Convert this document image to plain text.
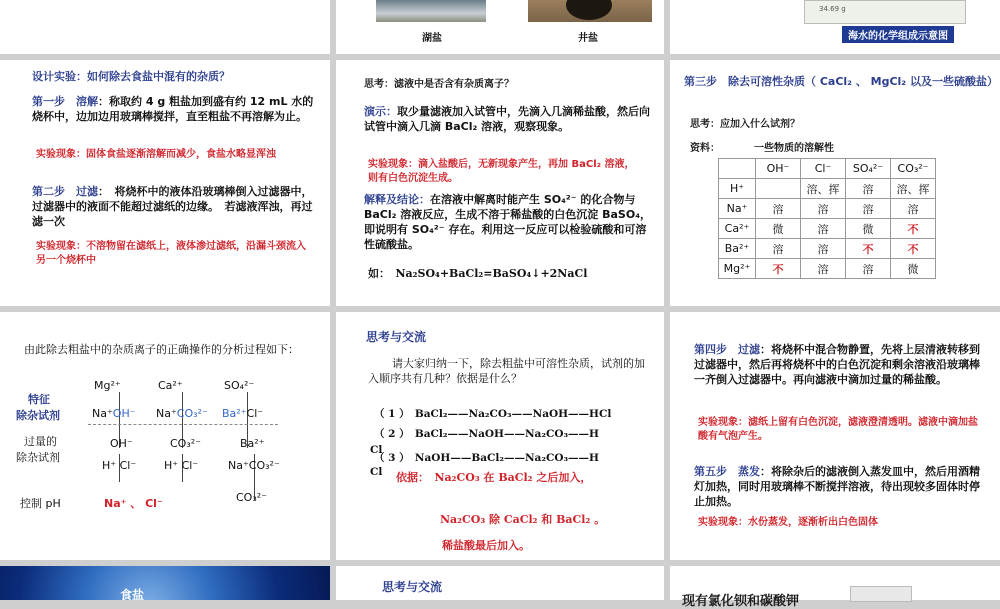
湖盐	井盐
34.69 g
海水的化学组成示意图
设计实验：如何除去食盐中混有的杂质？
第一步　溶解：称取约 4 g 粗盐加到盛有约 12 mL 水的烧杯中，边加边用玻璃棒搅拌，直至粗盐不再溶解为止。
实验现象：固体食盐逐渐溶解而减少，食盐水略显浑浊
第二步　过滤：　将烧杯中的液体沿玻璃棒倒入过滤器中，　过滤器中的液面不能超过滤纸的边缘。　若滤液浑浊，再过滤一次
实验现象：不溶物留在滤纸上，液体渗过滤纸，沿漏斗颈流入另一个烧杯中
思考：滤液中是否含有杂质离子？
演示：取少量滤液加入试管中，先滴入几滴稀盐酸，然后向试管中滴入几滴 BaCl₂ 溶液，观察现象。
实验现象：滴入盐酸后，无新现象产生，再加 BaCl₂ 溶液，则有白色沉淀生成。
解释及结论：在溶液中解离时能产生 SO₄²⁻ 的化合物与 BaCl₂ 溶液反应，生成不溶于稀盐酸的白色沉淀 BaSO₄，即说明有 SO₄²⁻ 存在。利用这一反应可以检验硫酸和可溶性硫酸盐。
如：　Na₂SO₄+BaCl₂=BaSO₄↓+2NaCl
第三步　除去可溶性杂质（ CaCl₂ 、 MgCl₂ 以及一些硫酸盐）
思考：应加入什么试剂？
资料：	一些物质的溶解性
	OH⁻	Cl⁻	SO₄²⁻	CO₃²⁻
H⁺		溶、挥	溶	溶、挥
Na⁺	溶	溶	溶	溶
Ca²⁺	微	溶	微	不
Ba²⁺	溶	溶	不	不
Mg²⁺	不	溶	溶	微
由此除去粗盐中的杂质离子的正确操作的分析过程如下：
Mg²⁺	Ca²⁺	SO₄²⁻
特征
除杂试剂	Na⁺OH⁻ Na⁺CO₃²⁻ Ba²⁺Cl⁻
过量的
除杂试剂
OH⁻	CO₃²⁻	Ba²⁺
H⁺ Cl⁻	H⁺ Cl⁻	Na⁺CO₃²⁻
CO₃²⁻
控制 pH	Na⁺ 、 Cl⁻
思考与交流
请大家归纳一下，除去粗盐中可溶性杂质，试剂的加入顺序共有几种？依据是什么？
（ 1 ）　BaCl₂——Na₂CO₃——NaOH——HCl
（ 2 ）　BaCl₂——NaOH——Na₂CO₃——H
Cl
（ 3 ）　NaOH——BaCl₂——Na₂CO₃——H
Cl 依据：　Na₂CO₃ 在 BaCl₂ 之后加入，
Na₂CO₃ 除 CaCl₂ 和 BaCl₂ 。
稀盐酸最后加入。
第四步　过滤：将烧杯中混合物静置，先将上层清液转移到过滤器中，然后再将烧杯中的白色沉淀和剩余溶液沿玻璃棒一齐倒入过滤器中。再向滤液中滴加过量的稀盐酸。
实验现象：滤纸上留有白色沉淀，滤液澄清透明。滤液中滴加盐酸有气泡产生。
第五步　蒸发：将除杂后的滤液倒入蒸发皿中，然后用酒精灯加热，同时用玻璃棒不断搅拌溶液，待出现较多固体时停止加热。
实验现象：水份蒸发，逐渐析出白色固体
食盐
思考与交流
现有氯化钡和碳酸钾
